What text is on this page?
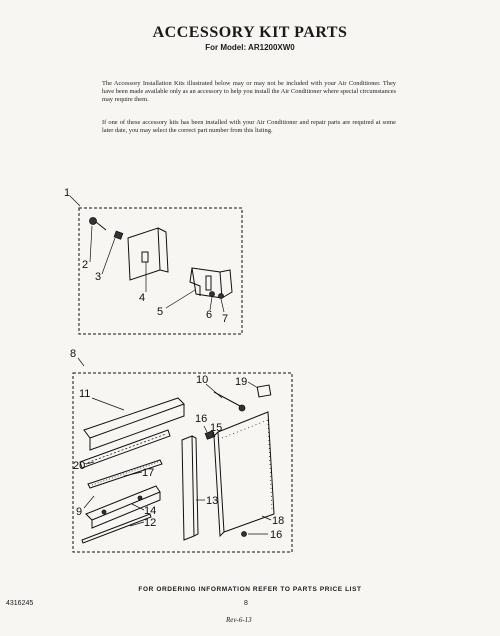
ACCESSORY KIT PARTS
For Model: AR1200XW0

The Accessory Installation Kits illustrated below may or may not be included with your Air Conditioner. They have been made available only as an accessory to help you install the Air Conditioner where special circumstances may require them.

If one of these accessory kits has been installed with your Air Conditioner and repair parts are required at some later date, you may select the correct part number from this listing.

1
2
3
4
5	6 7
8
11
10 19
16
15
20
17
9	14
12
13
18
16
FOR ORDERING INFORMATION REFER TO PARTS PRICE LIST
4316245	8
Rev-6-13
